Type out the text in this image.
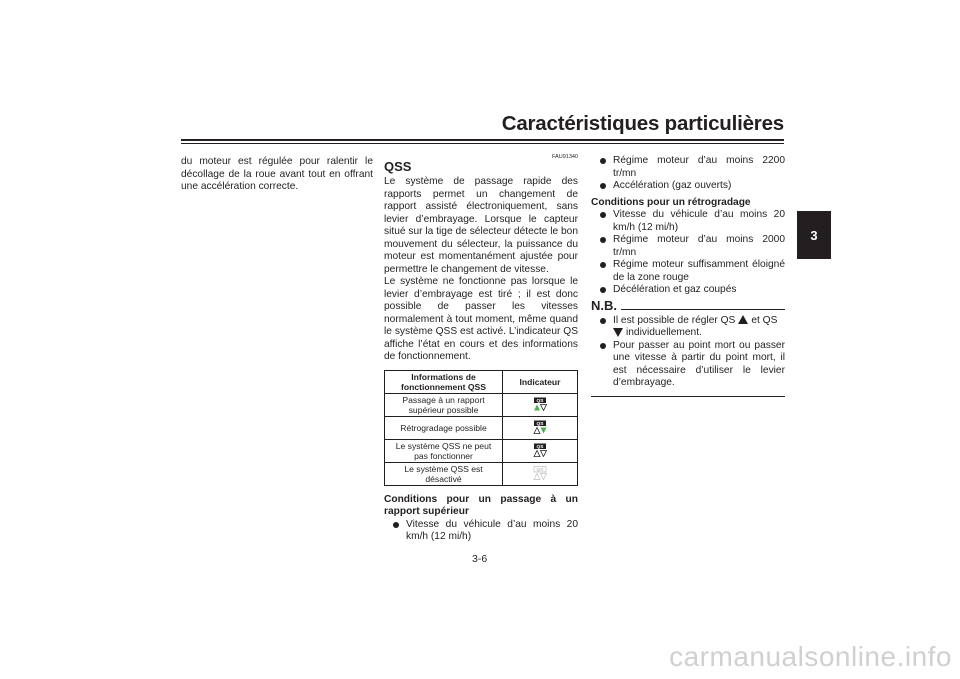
Caractéristiques particulières
3

du moteur est régulée pour ralentir le décollage de la roue avant tout en offrant une accélération correcte.

FAU91340
QSS

Le système de passage rapide des rapports permet un changement de rapport assisté électroniquement, sans levier d’embrayage. Lorsque le capteur situé sur la tige de sélecteur détecte le bon mouvement du sélecteur, la puissance du moteur est momentanément ajustée pour permettre le changement de vitesse.

Le système ne fonctionne pas lorsque le levier d’embrayage est tiré ; il est donc possible de passer les vitesses normalement à tout moment, même quand le système QSS est activé. L’indicateur QS affiche l’état en cours et des informations de fonctionnement.

Informations de fonctionnement QSS	Indicateur
Passage à un rapport supérieur possible	QS

Rétrogradage possible	QS

Le système QSS ne peut pas fonctionner	QS

Le système QSS est désactivé	QS

Conditions pour un passage à un rapport supérieur

Vitesse du véhicule d’au moins 20 km/h (12 mi/h)
Régime moteur d’au moins 2200 tr/mn
Accélération (gaz ouverts)

Conditions pour un rétrogradage

Vitesse du véhicule d’au moins 20 km/h (12 mi/h)
Régime moteur d’au moins 2000 tr/mn
Régime moteur suffisamment éloigné de la zone rouge
Décélération et gaz coupés
N.B.
Il est possible de régler QS et QS
individuellement.
Pour passer au point mort ou passer une vitesse à partir du point mort, il est nécessaire d’utiliser le levier d’embrayage.
3-6
carmanualsonline.info
